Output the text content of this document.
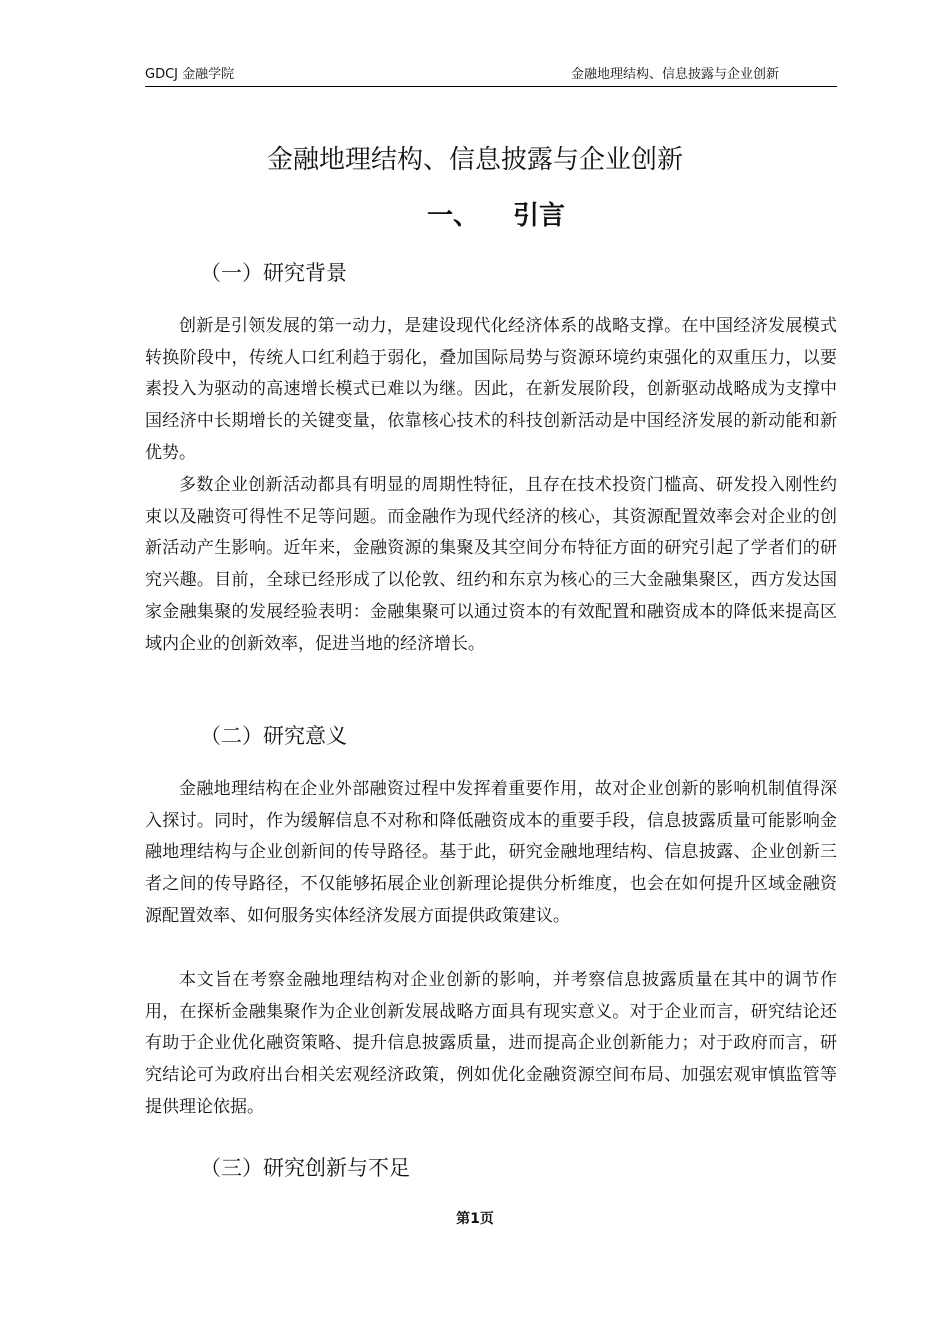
GDCJ 金融学院	金融地理结构、信息披露与企业创新
金融地理结构、信息披露与企业创新
一、 引言
（一）研究背景

创新是引领发展的第一动力，是建设现代化经济体系的战略支撑。在中国经济发展模式转换阶段中，传统人口红利趋于弱化，叠加国际局势与资源环境约束强化的双重压力，以要素投入为驱动的高速增长模式已难以为继。因此，在新发展阶段，创新驱动战略成为支撑中国经济中长期增长的关键变量，依靠核心技术的科技创新活动是中国经济发展的新动能和新优势。

多数企业创新活动都具有明显的周期性特征，且存在技术投资门槛高、研发投入刚性约束以及融资可得性不足等问题。而金融作为现代经济的核心，其资源配置效率会对企业的创新活动产生影响。近年来，金融资源的集聚及其空间分布特征方面的研究引起了学者们的研究兴趣。目前，全球已经形成了以伦敦、纽约和东京为核心的三大金融集聚区，西方发达国家金融集聚的发展经验表明：金融集聚可以通过资本的有效配置和融资成本的降低来提高区域内企业的创新效率，促进当地的经济增长。

（二）研究意义

金融地理结构在企业外部融资过程中发挥着重要作用，故对企业创新的影响机制值得深入探讨。同时，作为缓解信息不对称和降低融资成本的重要手段，信息披露质量可能影响金融地理结构与企业创新间的传导路径。基于此，研究金融地理结构、信息披露、企业创新三者之间的传导路径，不仅能够拓展企业创新理论提供分析维度，也会在如何提升区域金融资源配置效率、如何服务实体经济发展方面提供政策建议。

本文旨在考察金融地理结构对企业创新的影响，并考察信息披露质量在其中的调节作用，在探析金融集聚作为企业创新发展战略方面具有现实意义。对于企业而言，研究结论还有助于企业优化融资策略、提升信息披露质量，进而提高企业创新能力；对于政府而言，研究结论可为政府出台相关宏观经济政策，例如优化金融资源空间布局、加强宏观审慎监管等提供理论依据。

（三）研究创新与不足
第1页
